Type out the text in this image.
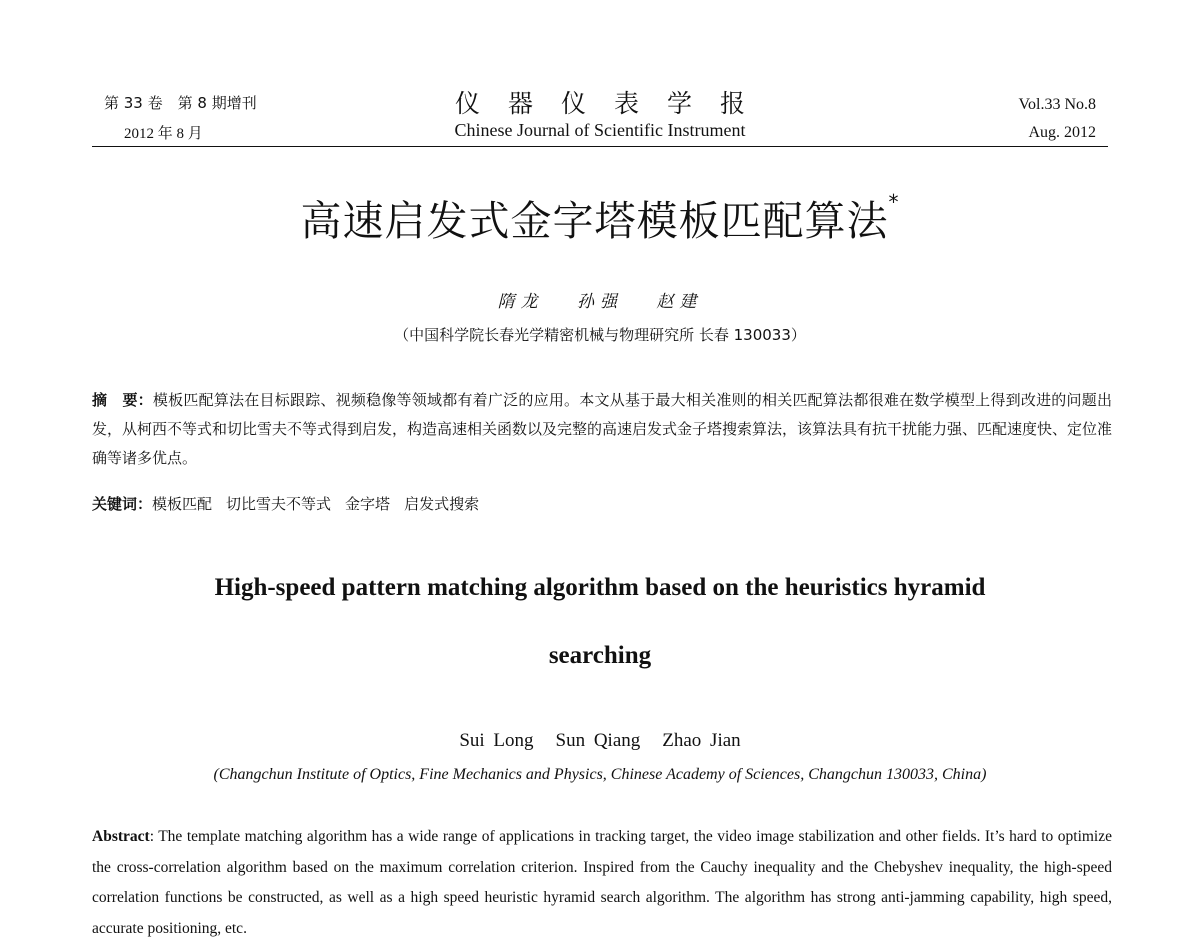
第 33 卷　第 8 期增刊
2012 年 8 月
仪器仪表学报
Chinese Journal of Scientific Instrument
Vol.33 No.8
Aug. 2012
高速启发式金字塔模板匹配算法*
隋龙 孙强 赵建
（中国科学院长春光学精密机械与物理研究所 长春 130033）
摘　要：模板匹配算法在目标跟踪、视频稳像等领域都有着广泛的应用。本文从基于最大相关准则的相关匹配算法都很难在数学模型上得到改进的问题出发，从柯西不等式和切比雪夫不等式得到启发，构造高速相关函数以及完整的高速启发式金子塔搜索算法，该算法具有抗干扰能力强、匹配速度快、定位准确等诸多优点。
关键词：模板匹配 切比雪夫不等式 金字塔 启发式搜索
High-speed pattern matching algorithm based on the heuristics hyramid
searching
Sui Long Sun Qiang Zhao Jian
(Changchun Institute of Optics, Fine Mechanics and Physics, Chinese Academy of Sciences, Changchun 130033, China)
Abstract: The template matching algorithm has a wide range of applications in tracking target, the video image stabilization and other fields. It’s hard to optimize the cross-correlation algorithm based on the maximum correlation criterion. Inspired from the Cauchy inequality and the Chebyshev inequality, the high-speed correlation functions be constructed, as well as a high speed heuristic hyramid search algorithm. The algorithm has strong anti-jamming capability, high speed, accurate positioning, etc.
